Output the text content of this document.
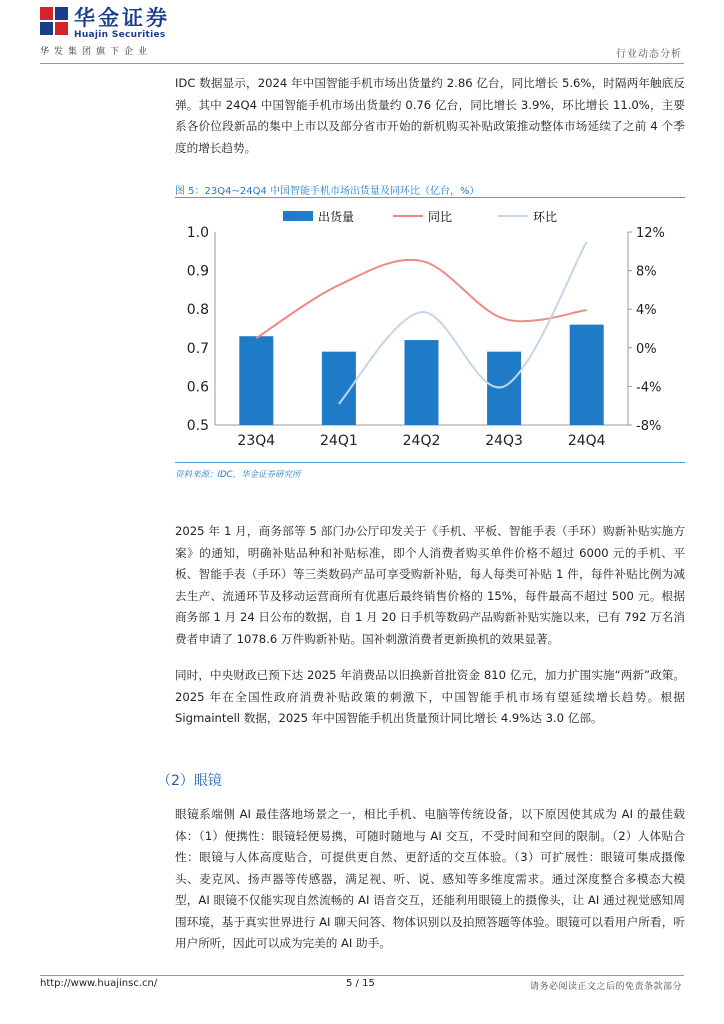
华金证券
Huajin Securities
华发集团旗下企业	行业动态分析

IDC 数据显示，2024 年中国智能手机市场出货量约 2.86 亿台，同比增长 5.6%，时隔两年触底反弹。其中 24Q4 中国智能手机市场出货量约 0.76 亿台，同比增长 3.9%，环比增长 11.0%，主要系各价位段新品的集中上市以及部分省市开始的新机购买补贴政策推动整体市场延续了之前 4 个季度的增长趋势。

图 5：23Q4~24Q4 中国智能手机市场出货量及同环比（亿台，%）
出货量	同比	环比
0.5
0.6
0.7
0.8
0.9
1.0
-8%
-4%
0%
4%
8%
12%
23Q4	24Q1	24Q2	24Q3	24Q4
资料来源：IDC，华金证券研究所

2025 年 1 月，商务部等 5 部门办公厅印发关于《手机、平板、智能手表（手环）购新补贴实施方案》的通知，明确补贴品种和补贴标准，即个人消费者购买单件价格不超过 6000 元的手机、平板、智能手表（手环）等三类数码产品可享受购新补贴，每人每类可补贴 1 件，每件补贴比例为减去生产、流通环节及移动运营商所有优惠后最终销售价格的 15%，每件最高不超过 500 元。根据商务部 1 月 24 日公布的数据，自 1 月 20 日手机等数码产品购新补贴实施以来，已有 792 万名消费者申请了 1078.6 万件购新补贴。国补刺激消费者更新换机的效果显著。

同时，中央财政已预下达 2025 年消费品以旧换新首批资金 810 亿元，加力扩围实施“两新”政策。2025 年在全国性政府消费补贴政策的刺激下，中国智能手机市场有望延续增长趋势。根据 Sigmaintell 数据，2025 年中国智能手机出货量预计同比增长 4.9%达 3.0 亿部。

（2）眼镜

眼镜系端侧 AI 最佳落地场景之一，相比手机、电脑等传统设备，以下原因使其成为 AI 的最佳载体：（1）便携性：眼镜轻便易携，可随时随地与 AI 交互，不受时间和空间的限制。（2）人体贴合性：眼镜与人体高度贴合，可提供更自然、更舒适的交互体验。（3）可扩展性：眼镜可集成摄像头、麦克风、扬声器等传感器，满足视、听、说、感知等多维度需求。通过深度整合多模态大模型，AI 眼镜不仅能实现自然流畅的 AI 语音交互，还能利用眼镜上的摄像头，让 AI 通过视觉感知周围环境，基于真实世界进行 AI 聊天问答、物体识别以及拍照答题等体验。眼镜可以看用户所看，听用户所听，因此可以成为完美的 AI 助手。

http://www.huajinsc.cn/	5 / 15	请务必阅读正文之后的免责条款部分
